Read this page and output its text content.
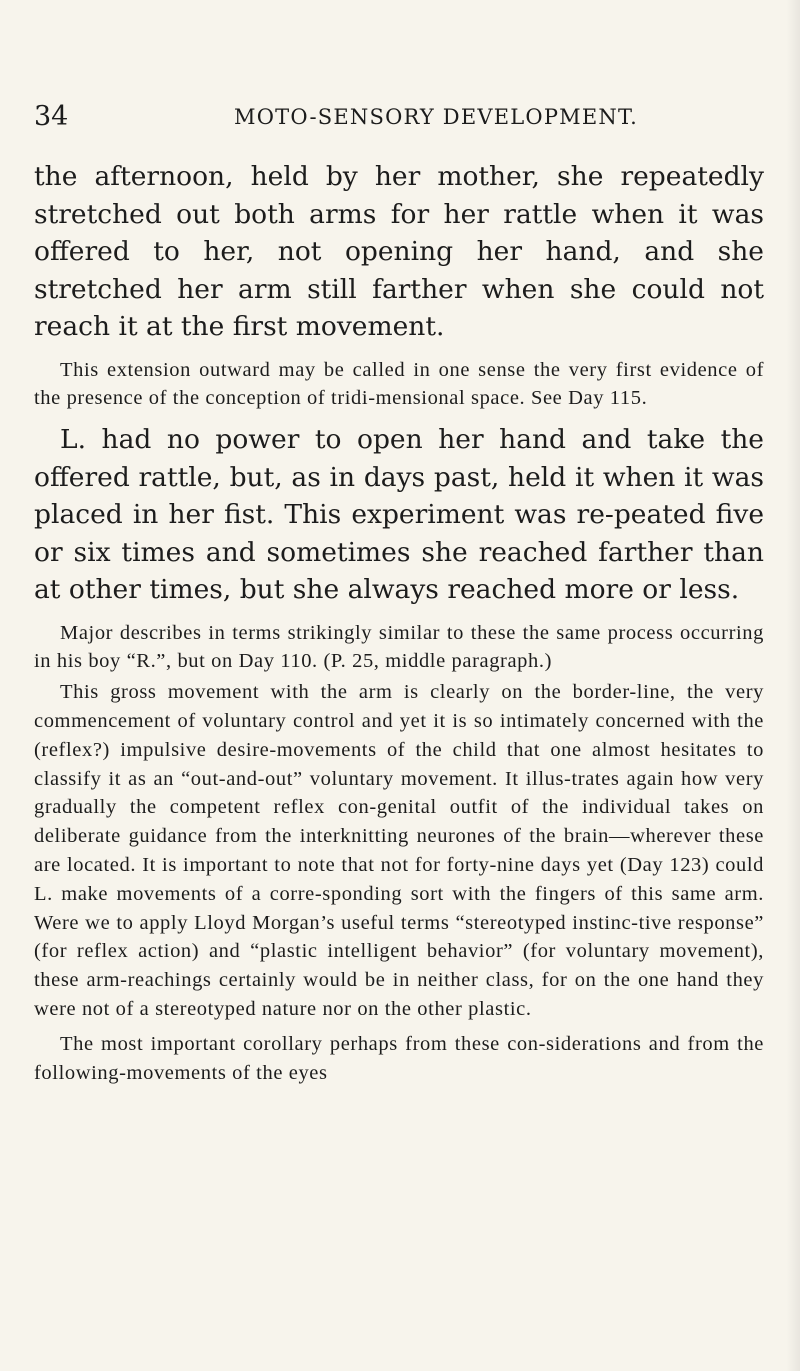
34	MOTO-SENSORY DEVELOPMENT.

the afternoon, held by her mother, she repeatedly stretched out both arms for her rattle when it was offered to her, not opening her hand, and she stretched her arm still farther when she could not reach it at the first movement.

This extension outward may be called in one sense the very first evidence of the presence of the conception of tridi-mensional space. See Day 115.

L. had no power to open her hand and take the offered rattle, but, as in days past, held it when it was placed in her fist. This experiment was re-peated five or six times and sometimes she reached farther than at other times, but she always reached more or less.

Major describes in terms strikingly similar to these the same process occurring in his boy “R.”, but on Day 110. (P. 25, middle paragraph.)

This gross movement with the arm is clearly on the border-line, the very commencement of voluntary control and yet it is so intimately concerned with the (reflex?) impulsive desire-movements of the child that one almost hesitates to classify it as an “out-and-out” voluntary movement. It illus-trates again how very gradually the competent reflex con-genital outfit of the individual takes on deliberate guidance from the interknitting neurones of the brain—wherever these are located. It is important to note that not for forty-nine days yet (Day 123) could L. make movements of a corre-sponding sort with the fingers of this same arm. Were we to apply Lloyd Morgan’s useful terms “stereotyped instinc-tive response” (for reflex action) and “plastic intelligent behavior” (for voluntary movement), these arm-reachings certainly would be in neither class, for on the one hand they were not of a stereotyped nature nor on the other plastic.

The most important corollary perhaps from these con-siderations and from the following-movements of the eyes
